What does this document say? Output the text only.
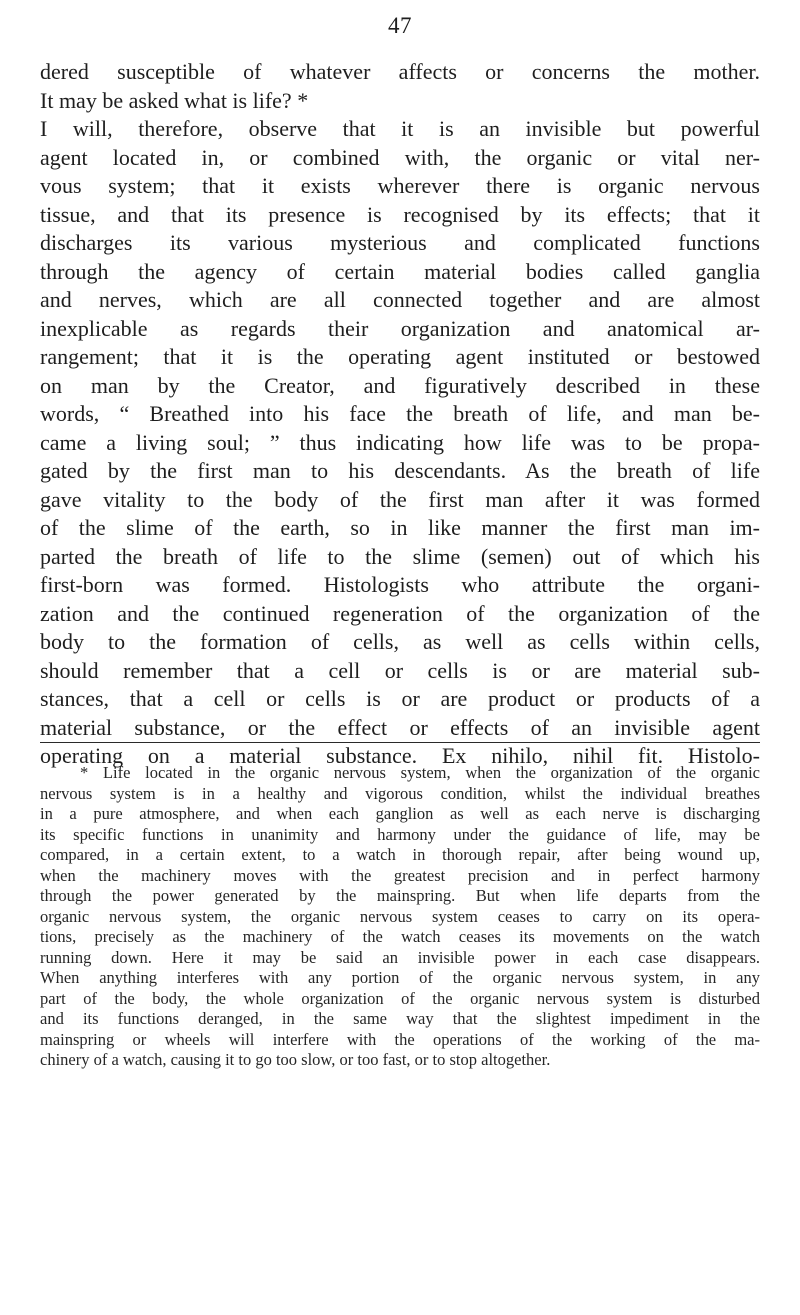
47
dered susceptible of whatever affects or concerns the mother.
It may be asked what is life? *
I will, therefore, observe that it is an invisible but powerful
agent located in, or combined with, the organic or vital ner-
vous system; that it exists wherever there is organic nervous
tissue, and that its presence is recognised by its effects; that it
discharges its various mysterious and complicated functions
through the agency of certain material bodies called ganglia
and nerves, which are all connected together and are almost
inexplicable as regards their organization and anatomical ar-
rangement; that it is the operating agent instituted or bestowed
on man by the Creator, and figuratively described in these
words, “ Breathed into his face the breath of life, and man be-
came a living soul; ” thus indicating how life was to be propa-
gated by the first man to his descendants. As the breath of life
gave vitality to the body of the first man after it was formed
of the slime of the earth, so in like manner the first man im-
parted the breath of life to the slime (semen) out of which his
first-born was formed. Histologists who attribute the organi-
zation and the continued regeneration of the organization of the
body to the formation of cells, as well as cells within cells,
should remember that a cell or cells is or are material sub-
stances, that a cell or cells is or are product or products of a
material substance, or the effect or effects of an invisible agent
operating on a material substance. Ex nihilo, nihil fit. Histolo-
* Life located in the organic nervous system, when the organization of the organic
nervous system is in a healthy and vigorous condition, whilst the individual breathes
in a pure atmosphere, and when each ganglion as well as each nerve is discharging
its specific functions in unanimity and harmony under the guidance of life, may be
compared, in a certain extent, to a watch in thorough repair, after being wound up,
when the machinery moves with the greatest precision and in perfect harmony
through the power generated by the mainspring. But when life departs from the
organic nervous system, the organic nervous system ceases to carry on its opera-
tions, precisely as the machinery of the watch ceases its movements on the watch
running down. Here it may be said an invisible power in each case disappears.
When anything interferes with any portion of the organic nervous system, in any
part of the body, the whole organization of the organic nervous system is disturbed
and its functions deranged, in the same way that the slightest impediment in the
mainspring or wheels will interfere with the operations of the working of the ma-
chinery of a watch, causing it to go too slow, or too fast, or to stop altogether.
